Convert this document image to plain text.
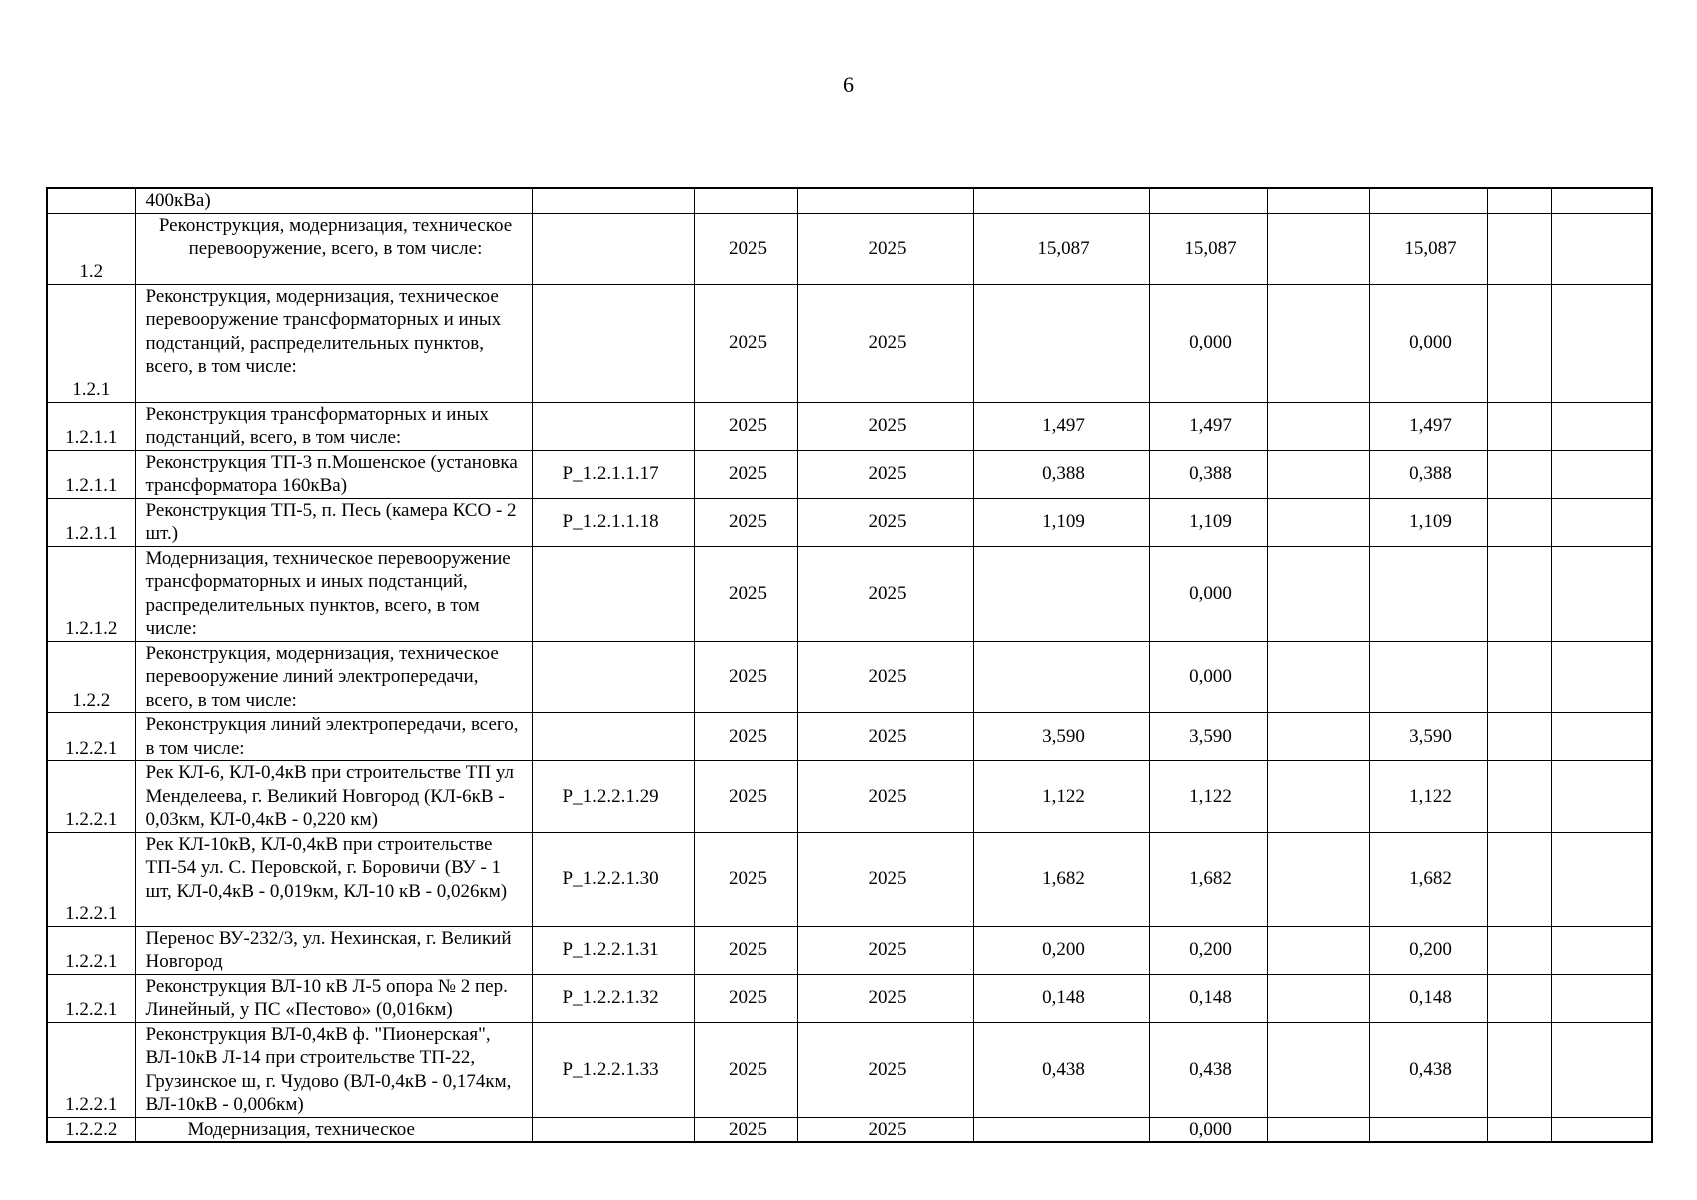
6
	400кВа)									
1.2	Реконструкция, модернизация, техническое перевооружение, всего, в том числе:		2025	2025	15,087	15,087		15,087		
1.2.1	Реконструкция, модернизация, техническое перевооружение трансформаторных и иных подстанций, распределительных пунктов, всего, в том числе:		2025	2025		0,000		0,000		
1.2.1.1	Реконструкция трансформаторных и иных подстанций, всего, в том числе:		2025	2025	1,497	1,497		1,497		
1.2.1.1	Реконструкция ТП-3 п.Мошенское (установка трансформатора 160кВа)	Р_1.2.1.1.17	2025	2025	0,388	0,388		0,388		
1.2.1.1	Реконструкция ТП-5, п. Песь (камера КСО - 2 шт.)	Р_1.2.1.1.18	2025	2025	1,109	1,109		1,109		
1.2.1.2	Модернизация, техническое перевооружение трансформаторных и иных подстанций, распределительных пунктов, всего, в том числе:		2025	2025		0,000				
1.2.2	Реконструкция, модернизация, техническое перевооружение линий электропередачи, всего, в том числе:		2025	2025		0,000				
1.2.2.1	Реконструкция линий электропередачи, всего, в том числе:		2025	2025	3,590	3,590		3,590		
1.2.2.1	Рек КЛ-6, КЛ-0,4кВ при строительстве ТП ул Менделеева, г. Великий Новгород (КЛ-6кВ - 0,03км, КЛ-0,4кВ - 0,220 км)	Р_1.2.2.1.29	2025	2025	1,122	1,122		1,122		
1.2.2.1	Рек КЛ-10кВ, КЛ-0,4кВ при строительстве ТП-54 ул. С. Перовской, г. Боровичи (ВУ - 1 шт, КЛ-0,4кВ - 0,019км, КЛ-10 кВ - 0,026км)	Р_1.2.2.1.30	2025	2025	1,682	1,682		1,682		
1.2.2.1	Перенос ВУ-232/3, ул. Нехинская, г. Великий Новгород	Р_1.2.2.1.31	2025	2025	0,200	0,200		0,200		
1.2.2.1	Реконструкция ВЛ-10 кВ Л-5 опора № 2 пер. Линейный, у ПС «Пестово» (0,016км)	Р_1.2.2.1.32	2025	2025	0,148	0,148		0,148		
1.2.2.1	Реконструкция ВЛ-0,4кВ ф. "Пионерская", ВЛ-10кВ Л-14 при строительстве ТП-22, Грузинское ш, г. Чудово (ВЛ-0,4кВ - 0,174км, ВЛ-10кВ - 0,006км)	Р_1.2.2.1.33	2025	2025	0,438	0,438		0,438		
1.2.2.2	Модернизация, техническое		2025	2025		0,000				
